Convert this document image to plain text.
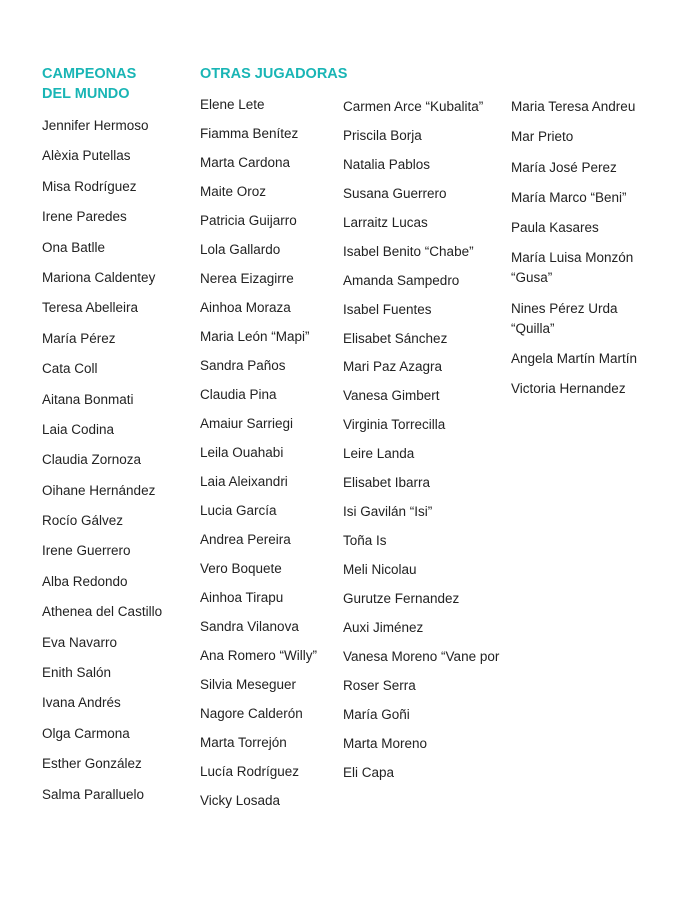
CAMPEONAS
DEL MUNDO
Jennifer Hermoso
Alèxia Putellas
Misa Rodríguez
Irene Paredes
Ona Batlle
Mariona Caldentey
Teresa Abelleira
María Pérez
Cata Coll
Aitana Bonmati
Laia Codina
Claudia Zornoza
Oihane Hernández
Rocío Gálvez
Irene Guerrero
Alba Redondo
Athenea del Castillo
Eva Navarro
Enith Salón
Ivana Andrés
Olga Carmona
Esther González
Salma Paralluelo
OTRAS JUGADORAS
Elene Lete
Fiamma Benítez
Marta Cardona
Maite Oroz
Patricia Guijarro
Lola Gallardo
Nerea Eizagirre
Ainhoa Moraza
Maria León “Mapi”
Sandra Paños
Claudia Pina
Amaiur Sarriegi
Leila Ouahabi
Laia Aleixandri
Lucia García
Andrea Pereira
Vero Boquete
Ainhoa Tirapu
Sandra Vilanova
Ana Romero “Willy”
Silvia Meseguer
Nagore Calderón
Marta Torrejón
Lucía Rodríguez
Vicky Losada
Carmen Arce “Kubalita”
Priscila Borja
Natalia Pablos
Susana Guerrero
Larraitz Lucas
Isabel Benito “Chabe”
Amanda Sampedro
Isabel Fuentes
Elisabet Sánchez
Mari Paz Azagra
Vanesa Gimbert
Virginia Torrecilla
Leire Landa
Elisabet Ibarra
Isi Gavilán “Isi”
Toña Is
Meli Nicolau
Gurutze Fernandez
Auxi Jiménez
Vanesa Moreno “Vane por
Roser Serra
María Goñi
Marta Moreno
Eli Capa
Maria Teresa Andreu
Mar Prieto
María José Perez
María Marco “Beni”
Paula Kasares
María Luisa Monzón “Gusa”
Nines Pérez Urda “Quilla”
Angela Martín Martín
Victoria Hernandez
